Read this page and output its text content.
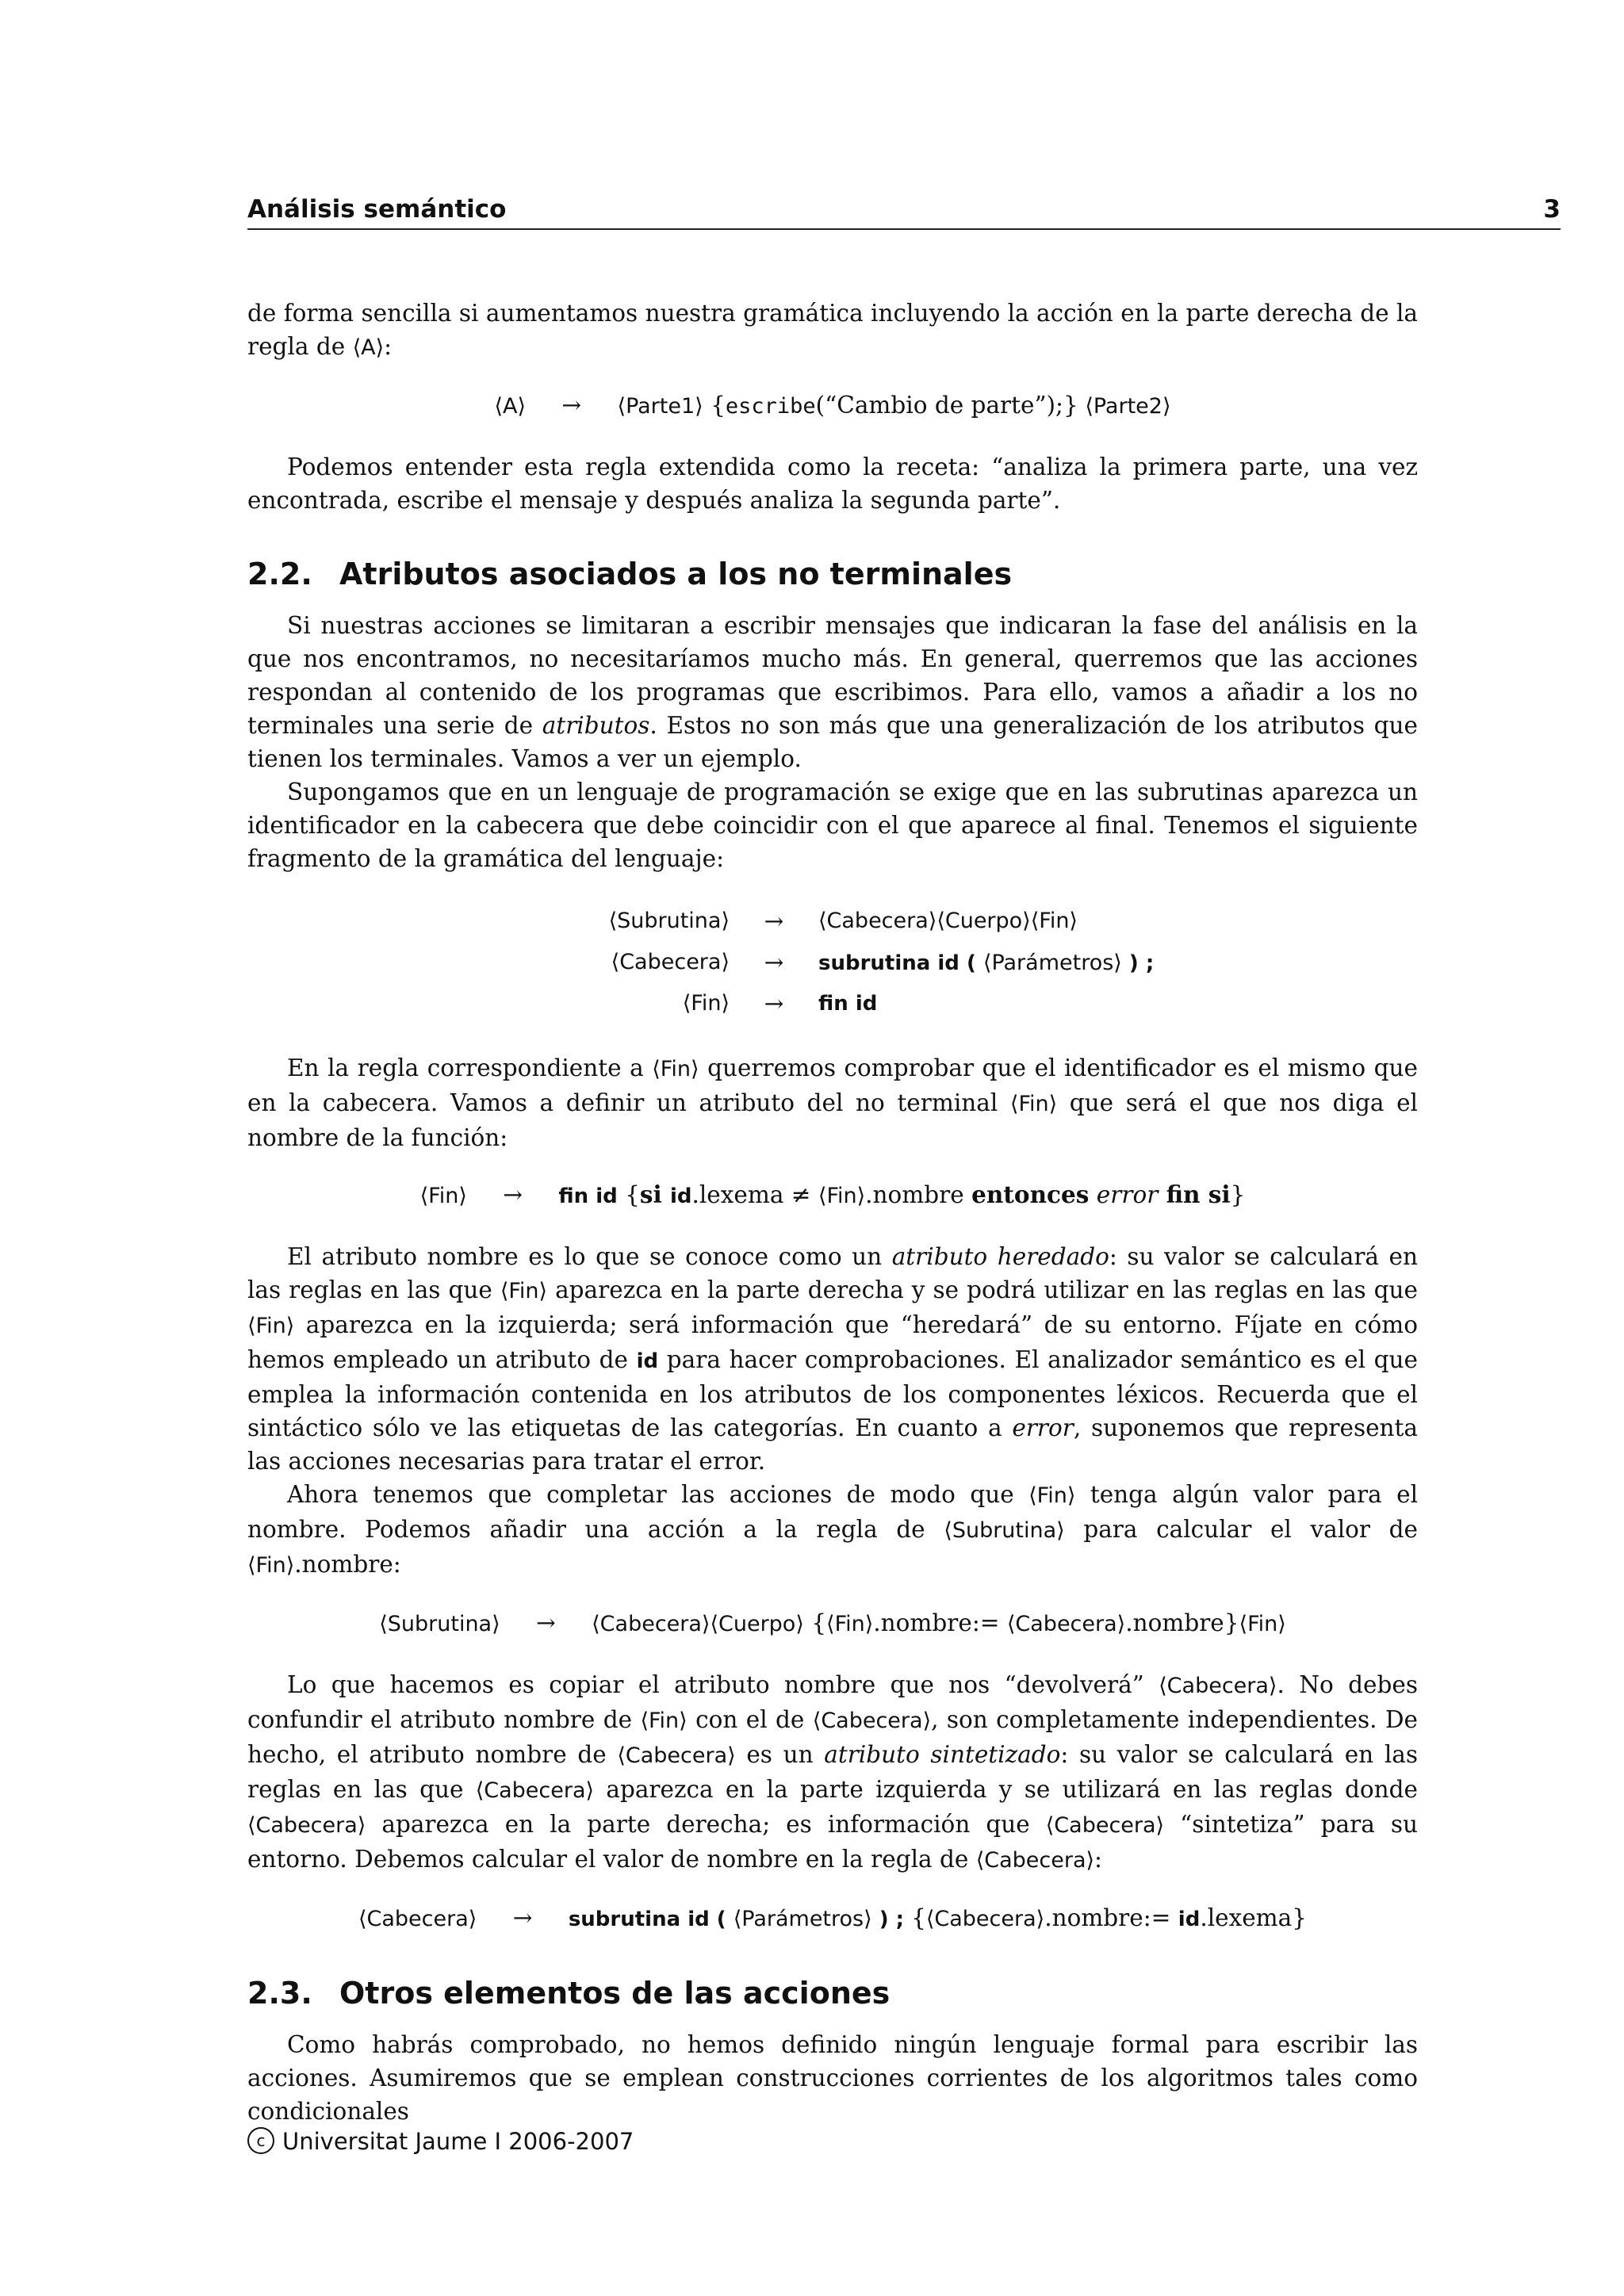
Análisis semántico	3

de forma sencilla si aumentamos nuestra gramática incluyendo la acción en la parte derecha de la regla de ⟨A⟩:

⟨A⟩ → ⟨Parte1⟩ {escribe(“Cambio de parte”);} ⟨Parte2⟩

Podemos entender esta regla extendida como la receta: “analiza la primera parte, una vez encontrada, escribe el mensaje y después analiza la segunda parte”.

2.2. Atributos asociados a los no terminales

Si nuestras acciones se limitaran a escribir mensajes que indicaran la fase del análisis en la que nos encontramos, no necesitaríamos mucho más. En general, querremos que las acciones respondan al contenido de los programas que escribimos. Para ello, vamos a añadir a los no terminales una serie de atributos. Estos no son más que una generalización de los atributos que tienen los terminales. Vamos a ver un ejemplo.

Supongamos que en un lenguaje de programación se exige que en las subrutinas aparezca un identificador en la cabecera que debe coincidir con el que aparece al final. Tenemos el siguiente fragmento de la gramática del lenguaje:

⟨Subrutina⟩	→	⟨Cabecera⟩⟨Cuerpo⟩⟨Fin⟩
⟨Cabecera⟩	→	subrutina id ( ⟨Parámetros⟩ ) ;
⟨Fin⟩	→	fin id

En la regla correspondiente a ⟨Fin⟩ querremos comprobar que el identificador es el mismo que en la cabecera. Vamos a definir un atributo del no terminal ⟨Fin⟩ que será el que nos diga el nombre de la función:

⟨Fin⟩ → fin id {si id.lexema ≠ ⟨Fin⟩.nombre entonces error fin si}

El atributo nombre es lo que se conoce como un atributo heredado: su valor se calculará en las reglas en las que ⟨Fin⟩ aparezca en la parte derecha y se podrá utilizar en las reglas en las que ⟨Fin⟩ aparezca en la izquierda; será información que “heredará” de su entorno. Fíjate en cómo hemos empleado un atributo de id para hacer comprobaciones. El analizador semántico es el que emplea la información contenida en los atributos de los componentes léxicos. Recuerda que el sintáctico sólo ve las etiquetas de las categorías. En cuanto a error, suponemos que representa las acciones necesarias para tratar el error.

Ahora tenemos que completar las acciones de modo que ⟨Fin⟩ tenga algún valor para el nombre. Podemos añadir una acción a la regla de ⟨Subrutina⟩ para calcular el valor de ⟨Fin⟩.nombre:

⟨Subrutina⟩ → ⟨Cabecera⟩⟨Cuerpo⟩ {⟨Fin⟩.nombre:= ⟨Cabecera⟩.nombre}⟨Fin⟩

Lo que hacemos es copiar el atributo nombre que nos “devolverá” ⟨Cabecera⟩. No debes confundir el atributo nombre de ⟨Fin⟩ con el de ⟨Cabecera⟩, son completamente independientes. De hecho, el atributo nombre de ⟨Cabecera⟩ es un atributo sintetizado: su valor se calculará en las reglas en las que ⟨Cabecera⟩ aparezca en la parte izquierda y se utilizará en las reglas donde ⟨Cabecera⟩ aparezca en la parte derecha; es información que ⟨Cabecera⟩ “sintetiza” para su entorno. Debemos calcular el valor de nombre en la regla de ⟨Cabecera⟩:

⟨Cabecera⟩ → subrutina id ( ⟨Parámetros⟩ ) ; {⟨Cabecera⟩.nombre:= id.lexema}
2.3. Otros elementos de las acciones

Como habrás comprobado, no hemos definido ningún lenguaje formal para escribir las acciones. Asumiremos que se emplean construcciones corrientes de los algoritmos tales como condicionales

c Universitat Jaume I 2006-2007
